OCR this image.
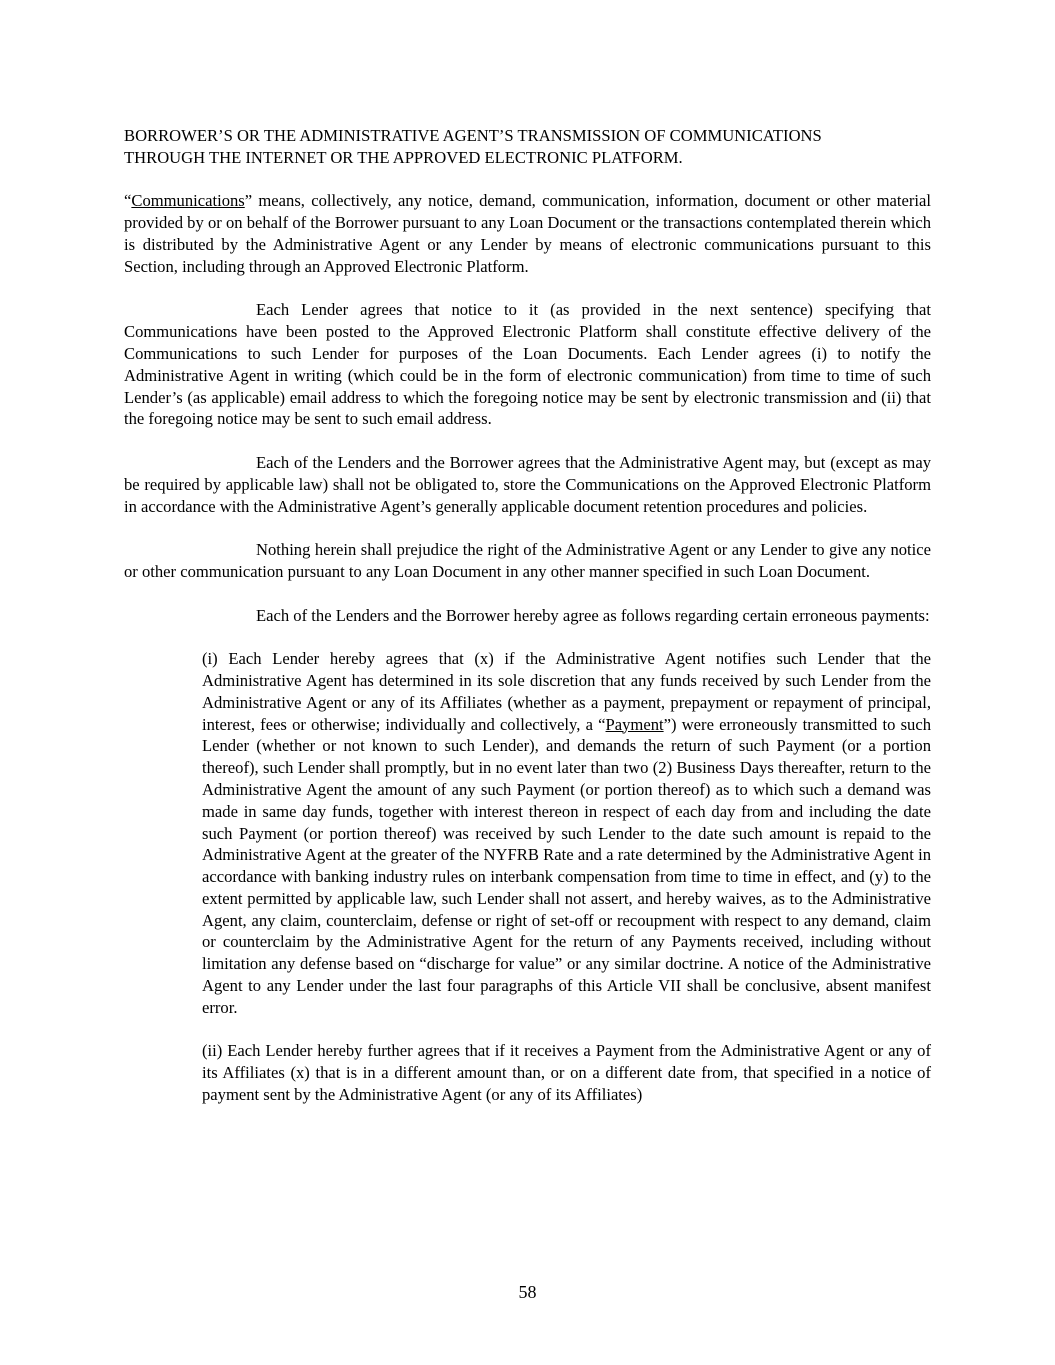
BORROWER’S OR THE ADMINISTRATIVE AGENT’S TRANSMISSION OF COMMUNICATIONS
THROUGH THE INTERNET OR THE APPROVED ELECTRONIC PLATFORM.

“Communications” means, collectively, any notice, demand, communication, information, document or other material provided by or on behalf of the Borrower pursuant to any Loan Document or the transactions contemplated therein which is distributed by the Administrative Agent or any Lender by means of electronic communications pursuant to this Section, including through an Approved Electronic Platform.

Each Lender agrees that notice to it (as provided in the next sentence) specifying that Communications have been posted to the Approved Electronic Platform shall constitute effective delivery of the Communications to such Lender for purposes of the Loan Documents. Each Lender agrees (i) to notify the Administrative Agent in writing (which could be in the form of electronic communication) from time to time of such Lender’s (as applicable) email address to which the foregoing notice may be sent by electronic transmission and (ii) that the foregoing notice may be sent to such email address.

Each of the Lenders and the Borrower agrees that the Administrative Agent may, but (except as may be required by applicable law) shall not be obligated to, store the Communications on the Approved Electronic Platform in accordance with the Administrative Agent’s generally applicable document retention procedures and policies.

Nothing herein shall prejudice the right of the Administrative Agent or any Lender to give any notice or other communication pursuant to any Loan Document in any other manner specified in such Loan Document.

Each of the Lenders and the Borrower hereby agree as follows regarding certain erroneous payments:

(i) Each Lender hereby agrees that (x) if the Administrative Agent notifies such Lender that the Administrative Agent has determined in its sole discretion that any funds received by such Lender from the Administrative Agent or any of its Affiliates (whether as a payment, prepayment or repayment of principal, interest, fees or otherwise; individually and collectively, a “Payment”) were erroneously transmitted to such Lender (whether or not known to such Lender), and demands the return of such Payment (or a portion thereof), such Lender shall promptly, but in no event later than two (2) Business Days thereafter, return to the Administrative Agent the amount of any such Payment (or portion thereof) as to which such a demand was made in same day funds, together with interest thereon in respect of each day from and including the date such Payment (or portion thereof) was received by such Lender to the date such amount is repaid to the Administrative Agent at the greater of the NYFRB Rate and a rate determined by the Administrative Agent in accordance with banking industry rules on interbank compensation from time to time in effect, and (y) to the extent permitted by applicable law, such Lender shall not assert, and hereby waives, as to the Administrative Agent, any claim, counterclaim, defense or right of set-off or recoupment with respect to any demand, claim or counterclaim by the Administrative Agent for the return of any Payments received, including without limitation any defense based on “discharge for value” or any similar doctrine. A notice of the Administrative Agent to any Lender under the last four paragraphs of this Article VII shall be conclusive, absent manifest error.

(ii) Each Lender hereby further agrees that if it receives a Payment from the Administrative Agent or any of its Affiliates (x) that is in a different amount than, or on a different date from, that specified in a notice of payment sent by the Administrative Agent (or any of its Affiliates)

58
